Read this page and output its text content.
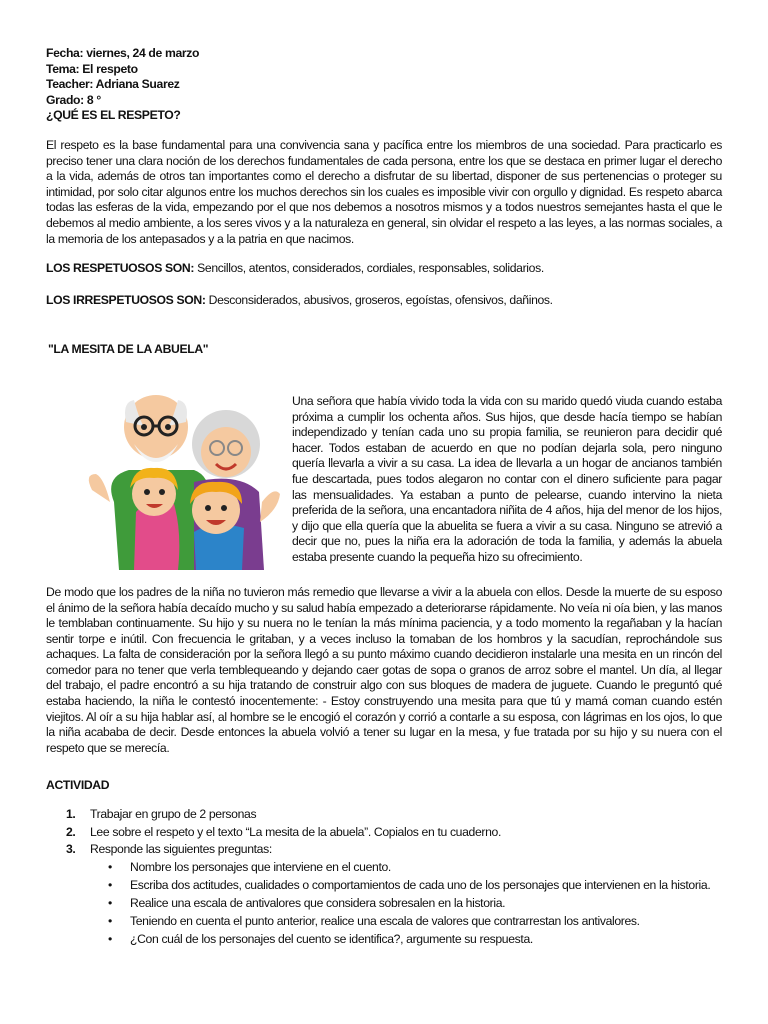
Fecha: viernes, 24 de marzo

Tema: El respeto

Teacher: Adriana Suarez

Grado: 8 °

¿QUÉ ES EL RESPETO?

El respeto es la base fundamental para una convivencia sana y pacífica entre los miembros de una sociedad. Para practicarlo es preciso tener una clara noción de los derechos fundamentales de cada persona, entre los que se destaca en primer lugar el derecho a la vida, además de otros tan importantes como el derecho a disfrutar de su libertad, disponer de sus pertenencias o proteger su intimidad, por solo citar algunos entre los muchos derechos sin los cuales es imposible vivir con orgullo y dignidad. Es respeto abarca todas las esferas de la vida, empezando por el que nos debemos a nosotros mismos y a todos nuestros semejantes hasta el que le debemos al medio ambiente, a los seres vivos y a la naturaleza en general, sin olvidar el respeto a las leyes, a las normas sociales, a la memoria de los antepasados y a la patria en que nacimos.

LOS RESPETUOSOS SON: Sencillos, atentos, considerados, cordiales, responsables, solidarios.

LOS IRRESPETUOSOS SON: Desconsiderados, abusivos, groseros, egoístas, ofensivos, dañinos.

"LA MESITA DE LA ABUELA"

Una señora que había vivido toda la vida con su marido quedó viuda cuando estaba próxima a cumplir los ochenta años. Sus hijos, que desde hacía tiempo se habían independizado y tenían cada uno su propia familia, se reunieron para decidir qué hacer. Todos estaban de acuerdo en que no podían dejarla sola, pero ninguno quería llevarla a vivir a su casa. La idea de llevarla a un hogar de ancianos también fue descartada, pues todos alegaron no contar con el dinero suficiente para pagar las mensualidades. Ya estaban a punto de pelearse, cuando intervino la nieta preferida de la señora, una encantadora niñita de 4 años, hija del menor de los hijos, y dijo que ella quería que la abuelita se fuera a vivir a su casa. Ninguno se atrevió a decir que no, pues la niña era la adoración de toda la familia, y además la abuela estaba presente cuando la pequeña hizo su ofrecimiento.

De modo que los padres de la niña no tuvieron más remedio que llevarse a vivir a la abuela con ellos. Desde la muerte de su esposo el ánimo de la señora había decaído mucho y su salud había empezado a deteriorarse rápidamente. No veía ni oía bien, y las manos le temblaban continuamente. Su hijo y su nuera no le tenían la más mínima paciencia, y a todo momento la regañaban y la hacían sentir torpe e inútil. Con frecuencia le gritaban, y a veces incluso la tomaban de los hombros y la sacudían, reprochándole sus achaques. La falta de consideración por la señora llegó a su punto máximo cuando decidieron instalarle una mesita en un rincón del comedor para no tener que verla temblequeando y dejando caer gotas de sopa o granos de arroz sobre el mantel. Un día, al llegar del trabajo, el padre encontró a su hija tratando de construir algo con sus bloques de madera de juguete. Cuando le preguntó qué estaba haciendo, la niña le contestó inocentemente: - Estoy construyendo una mesita para que tú y mamá coman cuando estén viejitos. Al oír a su hija hablar así, al hombre se le encogió el corazón y corrió a contarle a su esposa, con lágrimas en los ojos, lo que la niña acababa de decir. Desde entonces la abuela volvió a tener su lugar en la mesa, y fue tratada por su hijo y su nuera con el respeto que se merecía.

ACTIVIDAD

1.	Trabajar en grupo de 2 personas
2.	Lee sobre el respeto y el texto “La mesita de la abuela”. Copialos en tu cuaderno.
3.	Responde las siguientes preguntas:
•	Nombre los personajes que interviene en el cuento.
•	Escriba dos actitudes, cualidades o comportamientos de cada uno de los personajes que intervienen en la historia.
•	Realice una escala de antivalores que considera sobresalen en la historia.
•	Teniendo en cuenta el punto anterior, realice una escala de valores que contrarrestan los antivalores.
•	¿Con cuál de los personajes del cuento se identifica?, argumente su respuesta.
